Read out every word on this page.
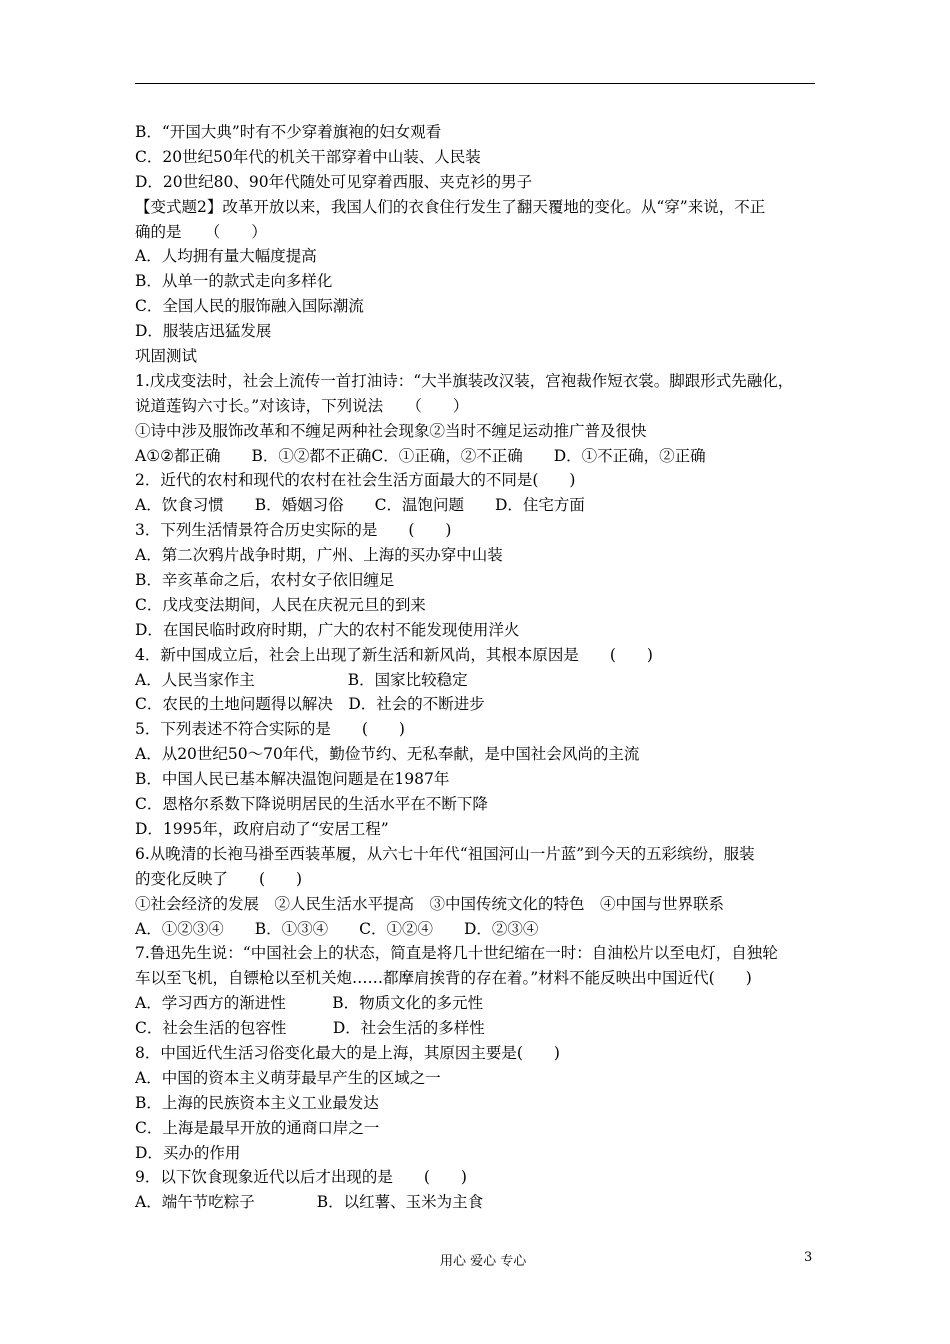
B．“开国大典”时有不少穿着旗袍的妇女观看
C．20世纪50年代的机关干部穿着中山装、人民装
D．20世纪80、90年代随处可见穿着西服、夹克衫的男子
【变式题2】改革开放以来，我国人们的衣食住行发生了翻天覆地的变化。从“穿”来说，不正
确的是　　（　　）
A．人均拥有量大幅度提高
B．从单一的款式走向多样化
C．全国人民的服饰融入国际潮流
D．服装店迅猛发展
巩固测试
1.戊戌变法时，社会上流传一首打油诗：“大半旗装改汉装，宫袍裁作短衣裳。脚跟形式先融化，
说道莲钩六寸长。”对该诗，下列说法　　（　　）
①诗中涉及服饰改革和不缠足两种社会现象②当时不缠足运动推广普及很快
A①②都正确　　B．①②都不正确C．①正确，②不正确　　D．①不正确，②正确
2．近代的农村和现代的农村在社会生活方面最大的不同是(　　)
A．饮食习惯　　B．婚姻习俗　　C．温饱问题　　D．住宅方面
3．下列生活情景符合历史实际的是　　(　　)
A．第二次鸦片战争时期，广州、上海的买办穿中山装
B．辛亥革命之后，农村女子依旧缠足
C．戊戌变法期间，人民在庆祝元旦的到来
D．在国民临时政府时期，广大的农村不能发现使用洋火
4．新中国成立后，社会上出现了新生活和新风尚，其根本原因是　　(　　)
A．人民当家作主　　　　　　B．国家比较稳定
C．农民的土地问题得以解决　D．社会的不断进步
5．下列表述不符合实际的是　　(　　)
A．从20世纪50～70年代，勤俭节约、无私奉献，是中国社会风尚的主流
B．中国人民已基本解决温饱问题是在1987年
C．恩格尔系数下降说明居民的生活水平在不断下降
D．1995年，政府启动了“安居工程”
6.从晚清的长袍马褂至西装革履，从六七十年代“祖国河山一片蓝”到今天的五彩缤纷，服装
的变化反映了　　(　　)
①社会经济的发展　②人民生活水平提高　③中国传统文化的特色　④中国与世界联系
A．①②③④　　B．①③④　　C．①②④　　D．②③④
7.鲁迅先生说：“中国社会上的状态，简直是将几十世纪缩在一时：自油松片以至电灯，自独轮
车以至飞机，自镖枪以至机关炮……都摩肩挨背的存在着。”材料不能反映出中国近代(　　)
A．学习西方的渐进性　　　B．物质文化的多元性
C．社会生活的包容性　　　D．社会生活的多样性
8．中国近代生活习俗变化最大的是上海，其原因主要是(　　)
A．中国的资本主义萌芽最早产生的区域之一
B．上海的民族资本主义工业最发达
C．上海是最早开放的通商口岸之一
D．买办的作用
9．以下饮食现象近代以后才出现的是　　(　　)
A．端午节吃粽子　　　　B．以红薯、玉米为主食
用心 爱心 专心	3
